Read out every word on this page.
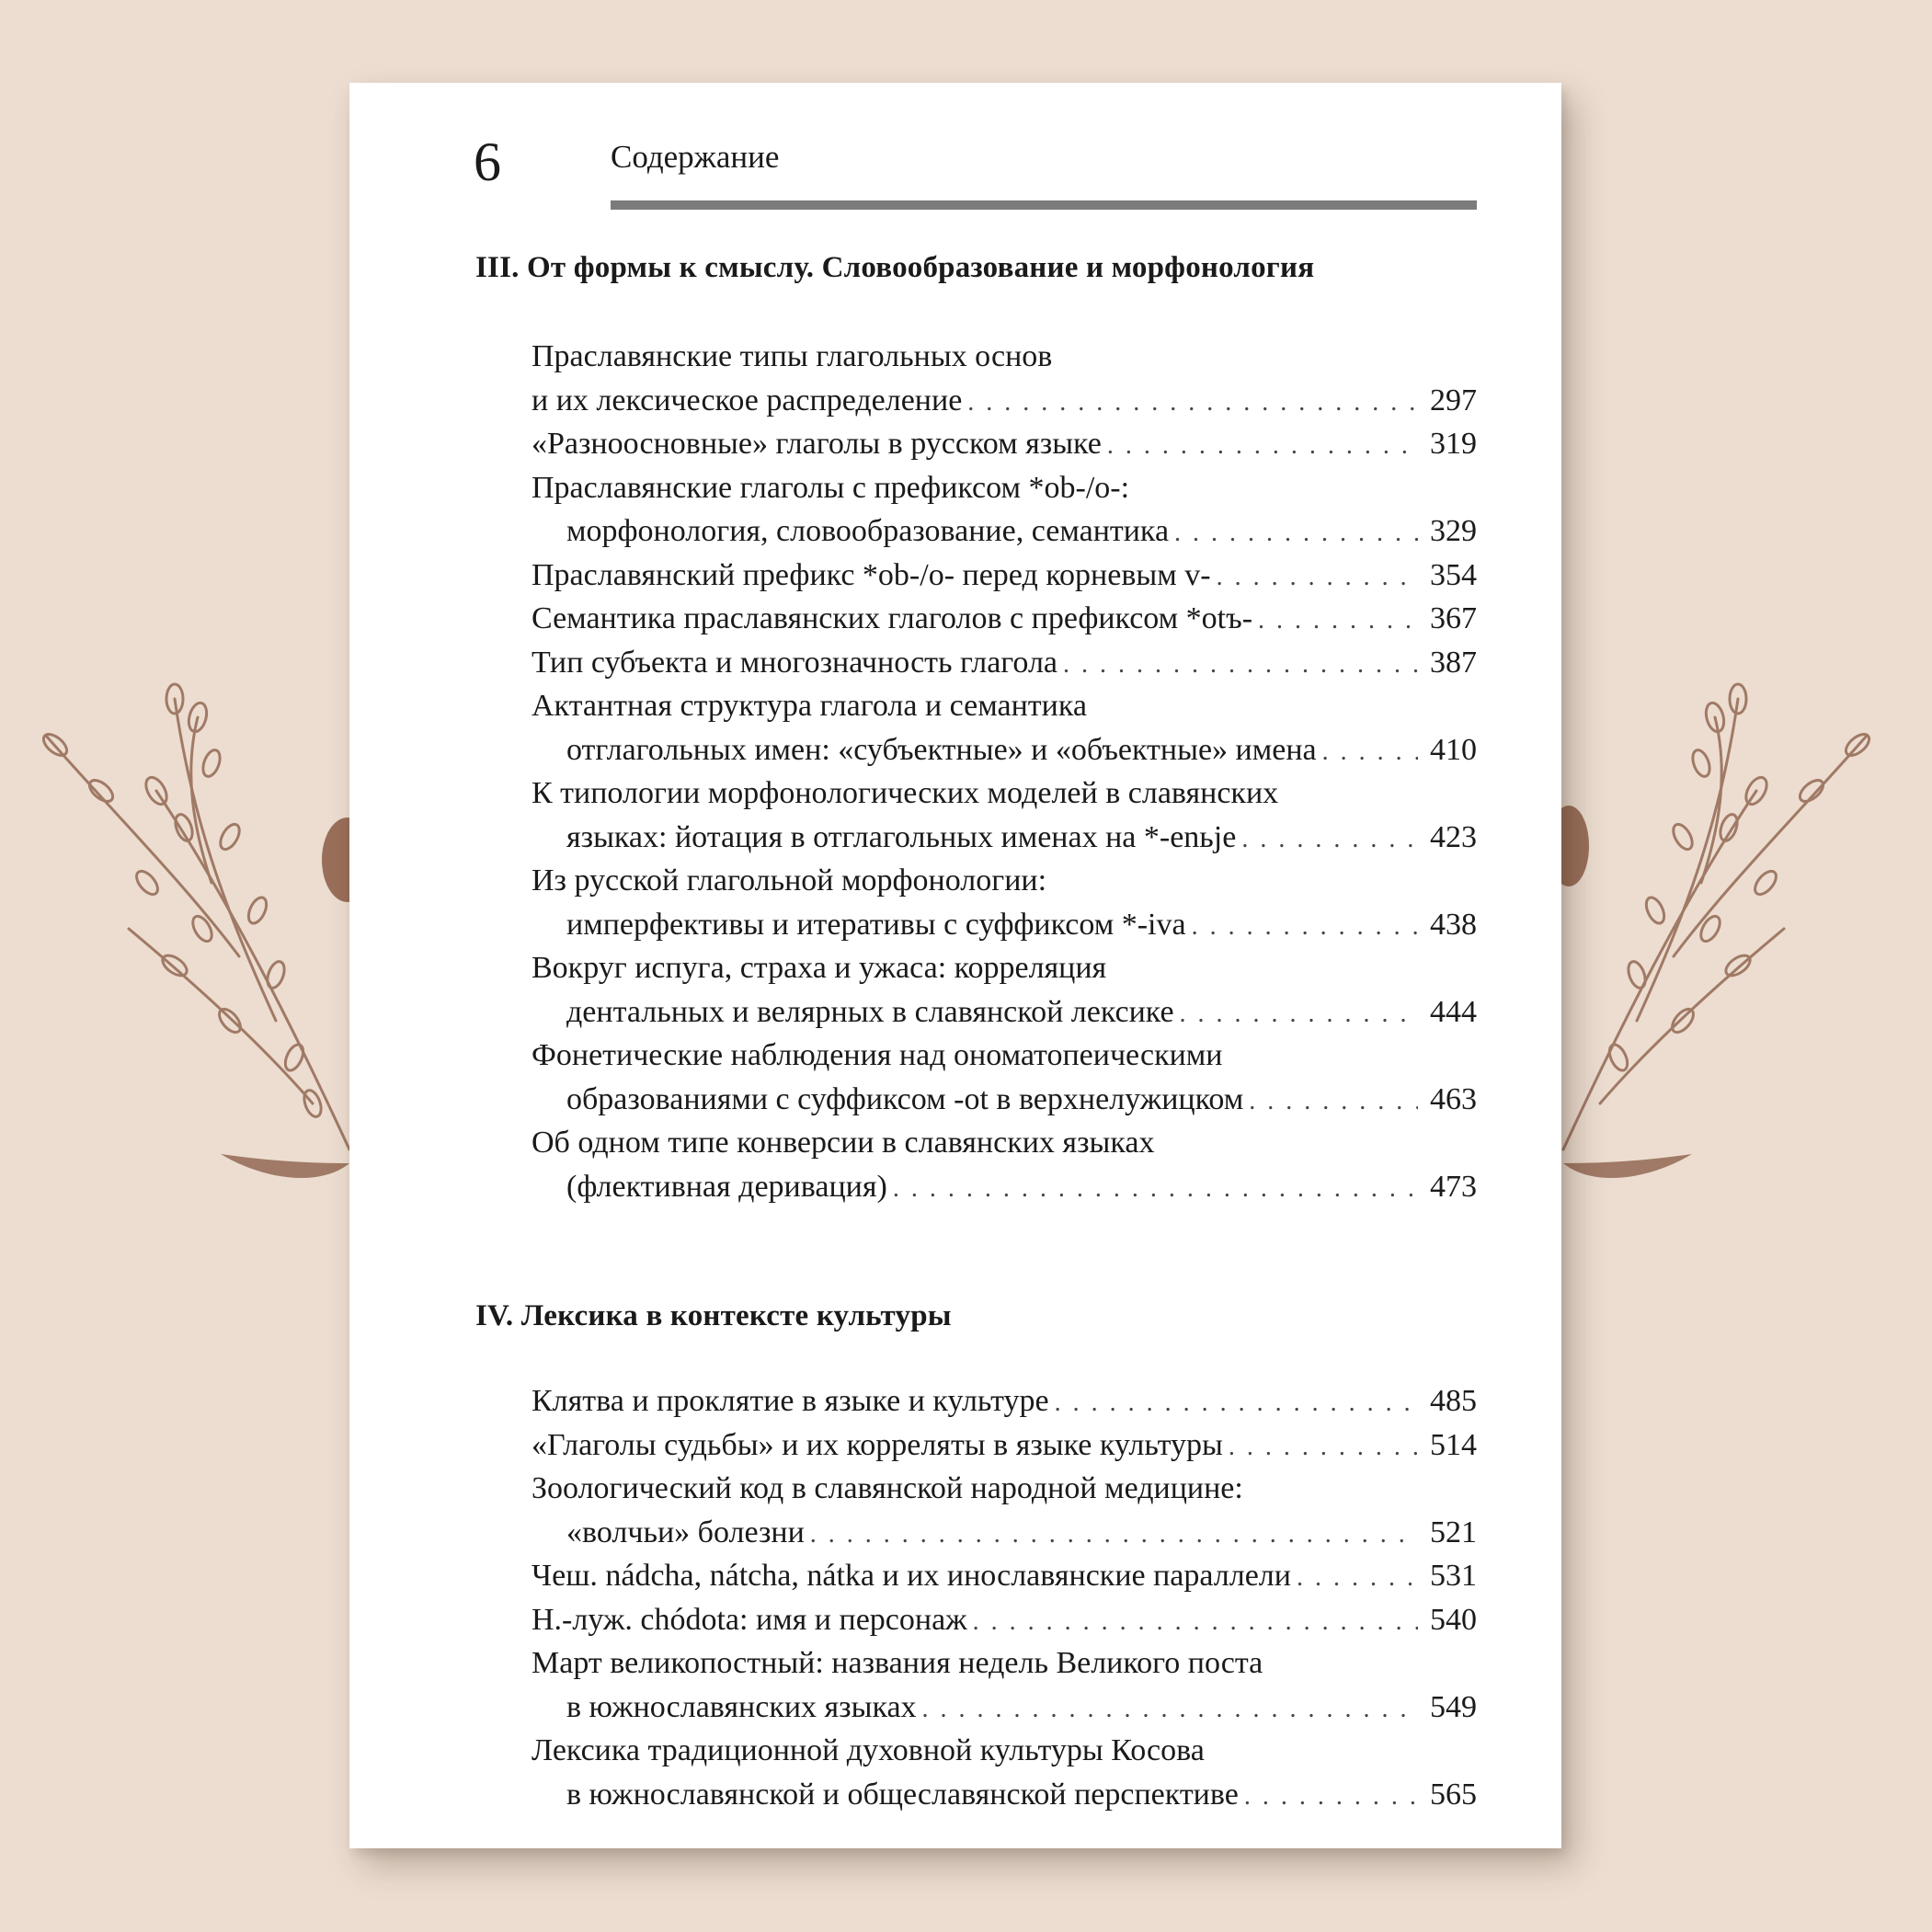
6	Содержание
III. От формы к смыслу. Словообразование и морфонология
Праславянские типы глагольных основ
и их лексическое распределение . . .	297
«Разноосновные» глаголы в русском языке . . .	319
Праславянские глаголы с префиксом *ob-/o-:
морфонология, словообразование, семантика . . .	329
Праславянский префикс *ob-/o- перед корневым v- . . .	354
Семантика праславянских глаголов с префиксом *otъ- . . .	367
Тип субъекта и многозначность глагола . . .	387
Актантная структура глагола и семантика
отглагольных имен: «субъектные» и «объектные» имена . . .	410
К типологии морфонологических моделей в славянских
языках: йотация в отглагольных именах на *-enьje . . .	423
Из русской глагольной морфонологии:
имперфективы и итеративы с суффиксом *-iva . . .	438
Вокруг испуга, страха и ужаса: корреляция
дентальных и велярных в славянской лексике . . .	444
Фонетические наблюдения над ономатопеическими
образованиями с суффиксом -ot в верхнелужицком . . .	463
Об одном типе конверсии в славянских языках
(флективная деривация) . . .	473
IV. Лексика в контексте культуры
Клятва и проклятие в языке и культуре . . .	485
«Глаголы судьбы» и их корреляты в языке культуры . . .	514
Зоологический код в славянской народной медицине:
«волчьи» болезни . . .	521
Чеш. nádcha, nátcha, nátka и их инославянские параллели . . .	531
Н.-луж. chódota: имя и персонаж . . .	540
Март великопостный: названия недель Великого поста
в южнославянских языках . . .	549
Лексика традиционной духовной культуры Косова
в южнославянской и общеславянской перспективе . . .	565
